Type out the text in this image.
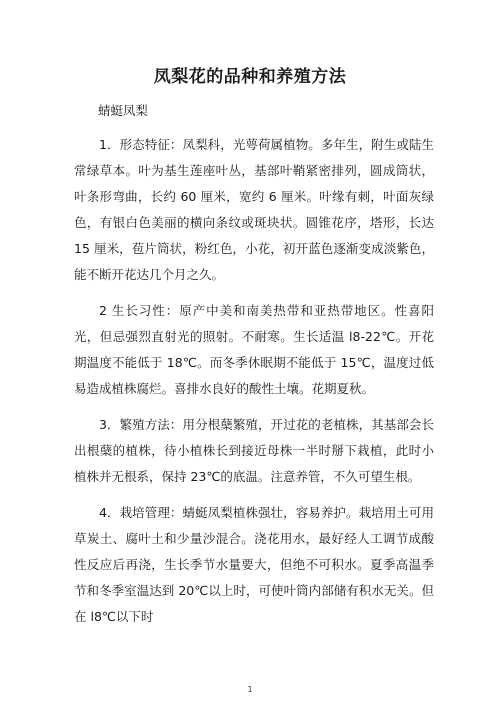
凤梨花的品种和养殖方法

蜻蜓凤梨

1．形态特征：凤梨科，光萼荷属植物。多年生，附生或陆生常绿草本。叶为基生莲座叶丛，基部叶鞘紧密排列，圆成筒状，叶条形弯曲，长约 60 厘米，宽约 6 厘米。叶缘有刺，叶面灰绿色，有银白色美丽的横向条纹或斑块状。圆锥花序，塔形，长达 15 厘米，苞片筒状，粉红色，小花，初开蓝色逐渐变成淡紫色，能不断开花达几个月之久。

2 生长习性：原产中美和南美热带和亚热带地区。性喜阳光，但忌强烈直射光的照射。不耐寒。生长适温 l8-22℃。开花期温度不能低于 18℃。而冬季休眠期不能低于 15℃，温度过低易造成植株腐烂。喜排水良好的酸性土壤。花期夏秋。

3．繁殖方法：用分根蘖繁殖，开过花的老植株，其基部会长出根蘖的植株，待小植株长到接近母株一半时掰下栽植，此时小植株并无根系，保持 23℃的底温。注意养管，不久可望生根。

4．栽培管理：蜻蜓凤梨植株强壮，容易养护。栽培用土可用草炭土、腐叶土和少量沙混合。浇花用水，最好经人工调节成酸性反应后再浇，生长季节水量要大，但绝不可积水。夏季高温季节和冬季室温达到 20℃以上时，可使叶筒内部储有积水无关。但在 l8℃以下时

1
